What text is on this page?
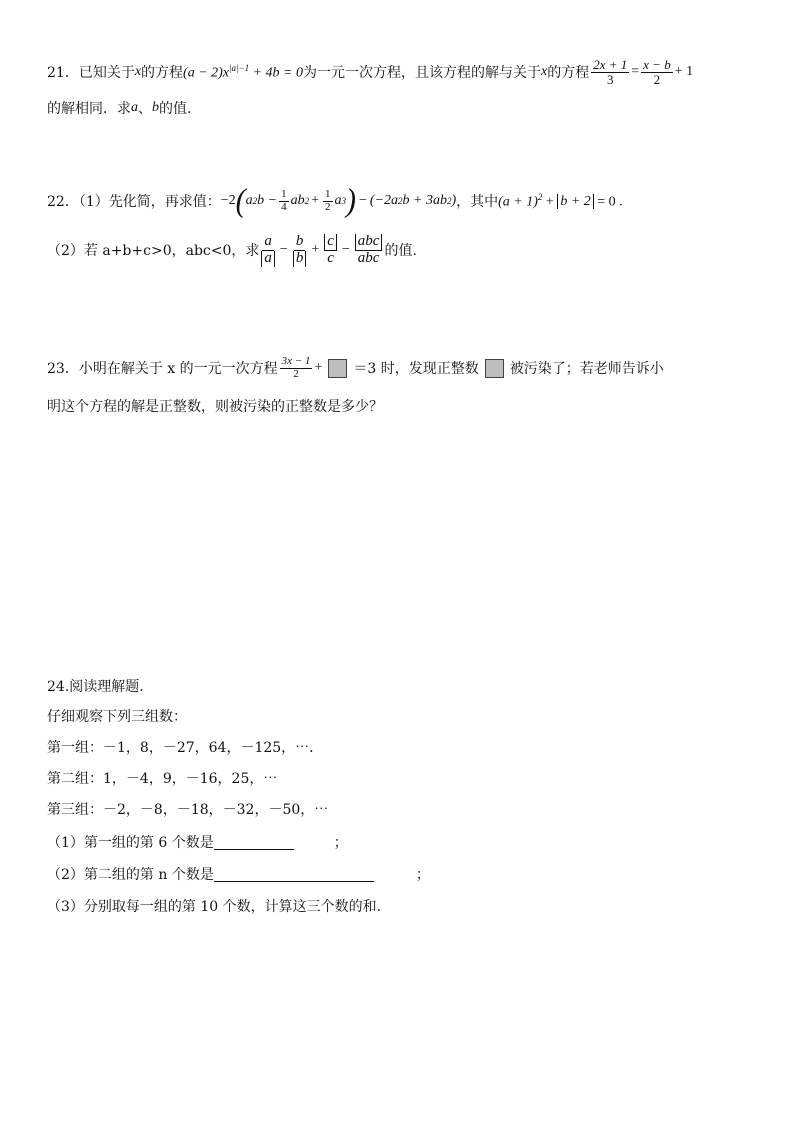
21．已知关于 x 的方程 $(a - 2)x^{|a|-1} + 4b = 0$ 为一元一次方程，且该方程的解与关于 x 的方程 $\frac{2x + 1}{3} = \frac{x - b}{2} + 1$
的解相同．求 a 、 b 的值.
22．（1）先化简，再求值： −2 ( a 2 $b - \frac{1}{4}$ ab $2 + \frac{1}{2}$ a 3 ) − (−2a 2 b + 3ab 2 ) ，其中 $(a + 1)^2 + b + 2 = 0$ .
（2）若 a+b+c>0，abc<0，求 $\frac{a}{a} - \frac{b}{b} + \frac{c}{c} - \frac{\text{abc}}{\text{abc}}$ 的值.
23．小明在解关于 x 的一元一次方程 $\frac{3x - 1}{2} + =3$ 时，发现正整数 被污染了；若老师告诉小
明这个方程的解是正整数，则被污染的正整数是多少？
24.阅读理解题.
仔细观察下列三组数：
第一组：－1，8，－27，64，－125，⋯.
第二组：1，－4，9，－16，25，⋯
第三组：－2，－8，－18，－32，－50，⋯
（1）第一组的第 6 个数是	；
（2）第二组的第 n 个数是	；
（3）分别取每一组的第 10 个数，计算这三个数的和.
